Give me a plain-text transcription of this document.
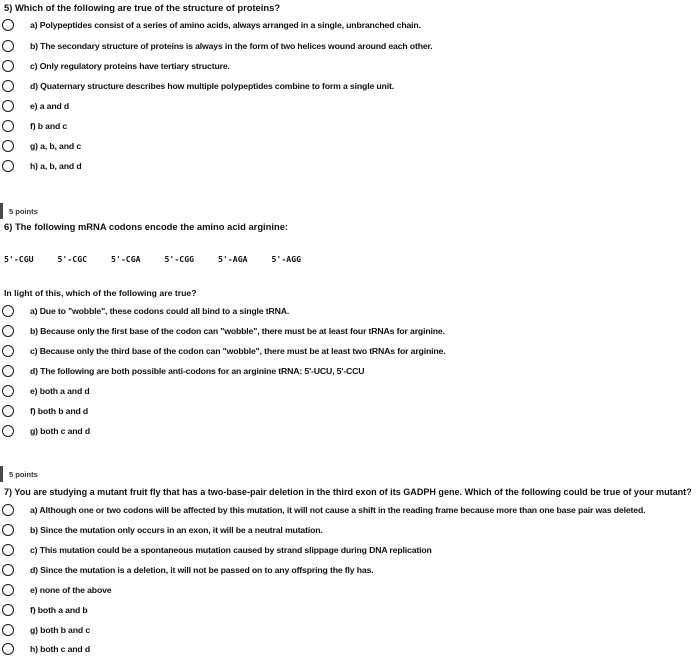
5) Which of the following are true of the structure of proteins?
a) Polypeptides consist of a series of amino acids, always arranged in a single, unbranched chain.
b) The secondary structure of proteins is always in the form of two helices wound around each other.
c) Only regulatory proteins have tertiary structure.
d) Quaternary structure describes how multiple polypeptides combine to form a single unit.
e) a and d
f) b and c
g) a, b, and c
h) a, b, and d
5 points
6) The following mRNA codons encode the amino acid arginine:
5'-CGU	5'-CGC	5'-CGA	5'-CGG	5'-AGA	5'-AGG
In light of this, which of the following are true?
a) Due to "wobble", these codons could all bind to a single tRNA.
b) Because only the first base of the codon can "wobble", there must be at least four tRNAs for arginine.
c) Because only the third base of the codon can "wobble", there must be at least two tRNAs for arginine.
d) The following are both possible anti-codons for an arginine tRNA: 5'-UCU, 5'-CCU
e) both a and d
f) both b and d
g) both c and d
5 points
7) You are studying a mutant fruit fly that has a two-base-pair deletion in the third exon of its GADPH gene. Which of the following could be true of your mutant?
a) Although one or two codons will be affected by this mutation, it will not cause a shift in the reading frame because more than one base pair was deleted.
b) Since the mutation only occurs in an exon, it will be a neutral mutation.
c) This mutation could be a spontaneous mutation caused by strand slippage during DNA replication
d) Since the mutation is a deletion, it will not be passed on to any offspring the fly has.
e) none of the above
f) both a and b
g) both b and c
h) both c and d
